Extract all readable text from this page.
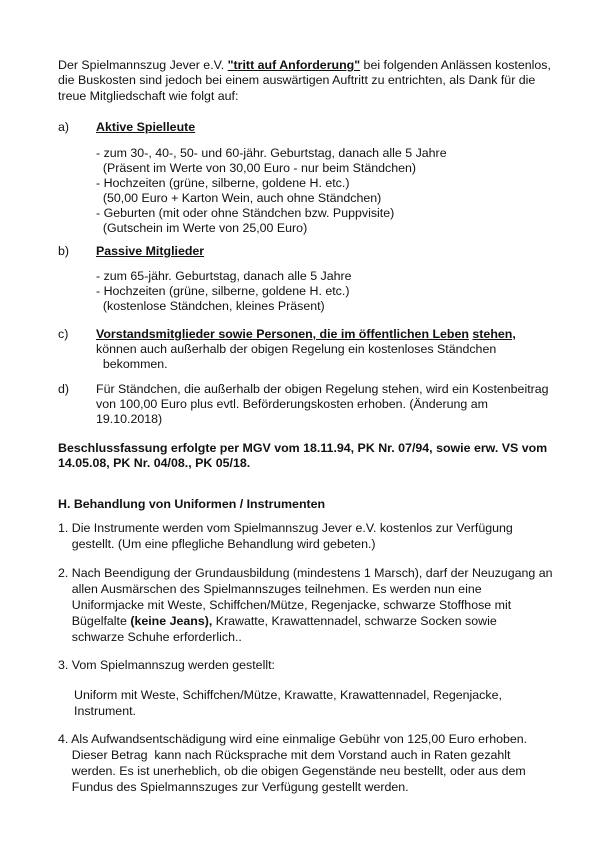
Der Spielmannszug Jever e.V. "tritt auf Anforderung" bei folgenden Anlässen kostenlos,
die Buskosten sind jedoch bei einem auswärtigen Auftritt zu entrichten, als Dank für die
treue Mitgliedschaft wie folgt auf:
a) Aktive Spielleute
- zum 30-, 40-, 50- und 60-jähr. Geburtstag, danach alle 5 Jahre
(Präsent im Werte von 30,00 Euro - nur beim Ständchen)
- Hochzeiten (grüne, silberne, goldene H. etc.)
(50,00 Euro + Karton Wein, auch ohne Ständchen)
- Geburten (mit oder ohne Ständchen bzw. Puppvisite)
(Gutschein im Werte von 25,00 Euro)
b) Passive Mitglieder
- zum 65-jähr. Geburtstag, danach alle 5 Jahre
- Hochzeiten (grüne, silberne, goldene H. etc.)
(kostenlose Ständchen, kleines Präsent)
c) Vorstandsmitglieder sowie Personen, die im öffentlichen Leben stehen,
können auch außerhalb der obigen Regelung ein kostenloses Ständchen
bekommen.
d) Für Ständchen, die außerhalb der obigen Regelung stehen, wird ein Kostenbeitrag
von 100,00 Euro plus evtl. Beförderungskosten erhoben. (Änderung am
19.10.2018)
Beschlussfassung erfolgte per MGV vom 18.11.94, PK Nr. 07/94, sowie erw. VS vom
14.05.08, PK Nr. 04/08., PK 05/18.
H. Behandlung von Uniformen / Instrumenten
1. Die Instrumente werden vom Spielmannszug Jever e.V. kostenlos zur Verfügung
gestellt. (Um eine pflegliche Behandlung wird gebeten.)
2. Nach Beendigung der Grundausbildung (mindestens 1 Marsch), darf der Neuzugang an
allen Ausmärschen des Spielmannszuges teilnehmen. Es werden nun eine
Uniformjacke mit Weste, Schiffchen/Mütze, Regenjacke, schwarze Stoffhose mit
Bügelfalte (keine Jeans), Krawatte, Krawattennadel, schwarze Socken sowie
schwarze Schuhe erforderlich..
3. Vom Spielmannszug werden gestellt:
Uniform mit Weste, Schiffchen/Mütze, Krawatte, Krawattennadel, Regenjacke,
Instrument.
4. Als Aufwandsentschädigung wird eine einmalige Gebühr von 125,00 Euro erhoben.
Dieser Betrag  kann nach Rücksprache mit dem Vorstand auch in Raten gezahlt
werden. Es ist unerheblich, ob die obigen Gegenstände neu bestellt, oder aus dem
Fundus des Spielmannszuges zur Verfügung gestellt werden.
